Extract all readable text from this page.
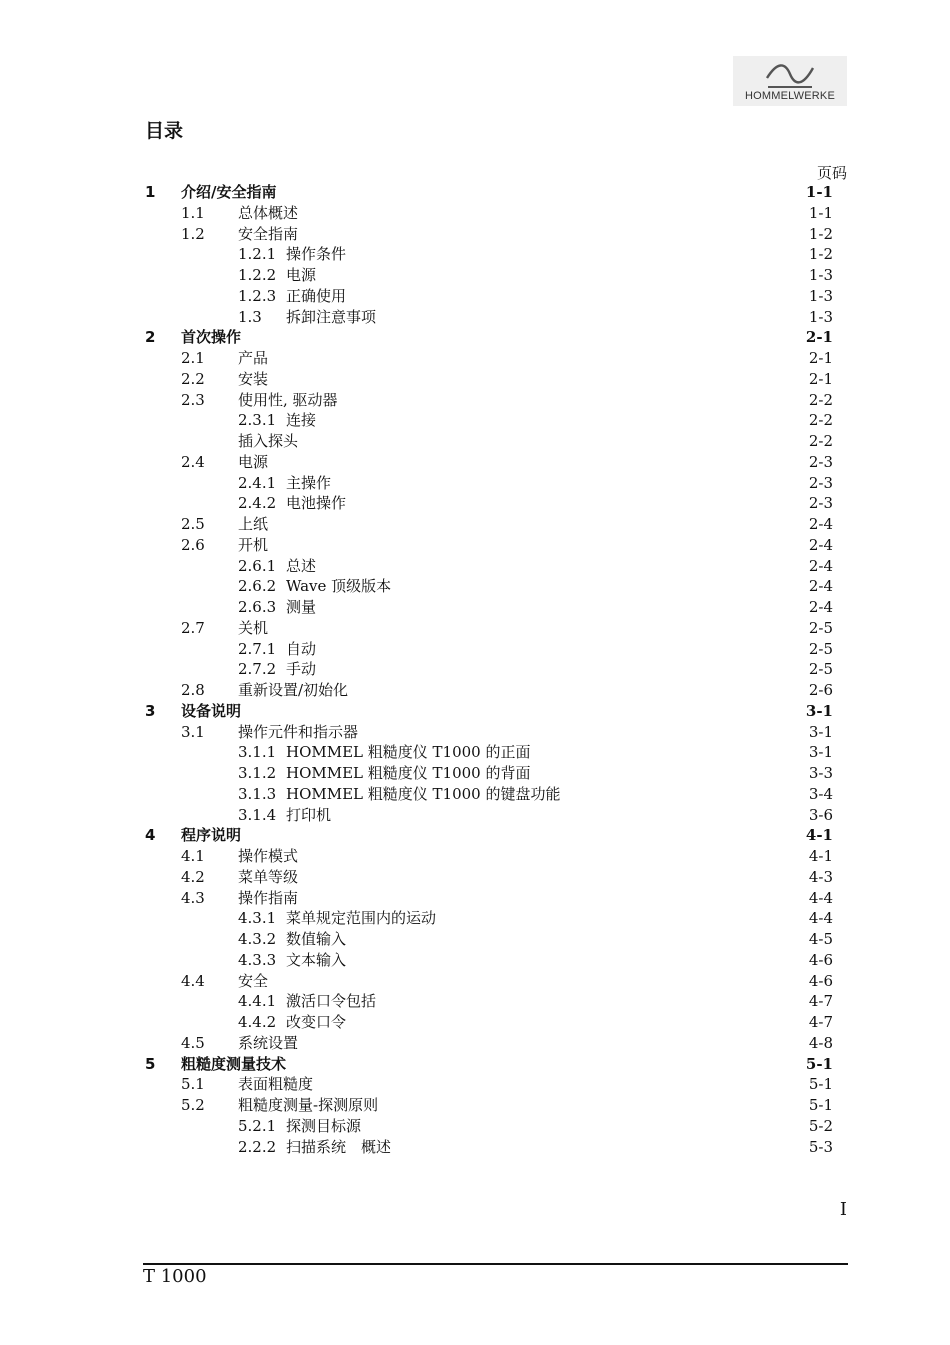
HOMMELWERKE
目录
页码
1 介绍/安全指南	1-1
1.1 总体概述	1-1
1.2 安全指南	1-2
1.2.1 操作条件	1-2
1.2.2 电源	1-3
1.2.3 正确使用	1-3
1.3 拆卸注意事项	1-3
2 首次操作	2-1
2.1 产品	2-1
2.2 安装	2-1
2.3 使用性, 驱动器	2-2
2.3.1 连接	2-2
插入探头	2-2
2.4 电源	2-3
2.4.1 主操作	2-3
2.4.2 电池操作	2-3
2.5 上纸	2-4
2.6 开机	2-4
2.6.1 总述	2-4
2.6.2 Wave 顶级版本	2-4
2.6.3 测量	2-4
2.7 关机	2-5
2.7.1 自动	2-5
2.7.2 手动	2-5
2.8 重新设置/初始化	2-6
3 设备说明	3-1
3.1 操作元件和指示器	3-1
3.1.1 HOMMEL 粗糙度仪 T1000 的正面	3-1
3.1.2 HOMMEL 粗糙度仪 T1000 的背面	3-3
3.1.3 HOMMEL 粗糙度仪 T1000 的键盘功能	3-4
3.1.4 打印机	3-6
4 程序说明	4-1
4.1 操作模式	4-1
4.2 菜单等级	4-3
4.3 操作指南	4-4
4.3.1 菜单规定范围内的运动	4-4
4.3.2 数值输入	4-5
4.3.3 文本输入	4-6
4.4 安全	4-6
4.4.1 激活口令包括	4-7
4.4.2 改变口令	4-7
4.5 系统设置	4-8
5 粗糙度测量技术	5-1
5.1 表面粗糙度	5-1
5.2 粗糙度测量-探测原则	5-1
5.2.1 探测目标源	5-2
2.2.2 扫描系统　概述	5-3
I
T 1000
